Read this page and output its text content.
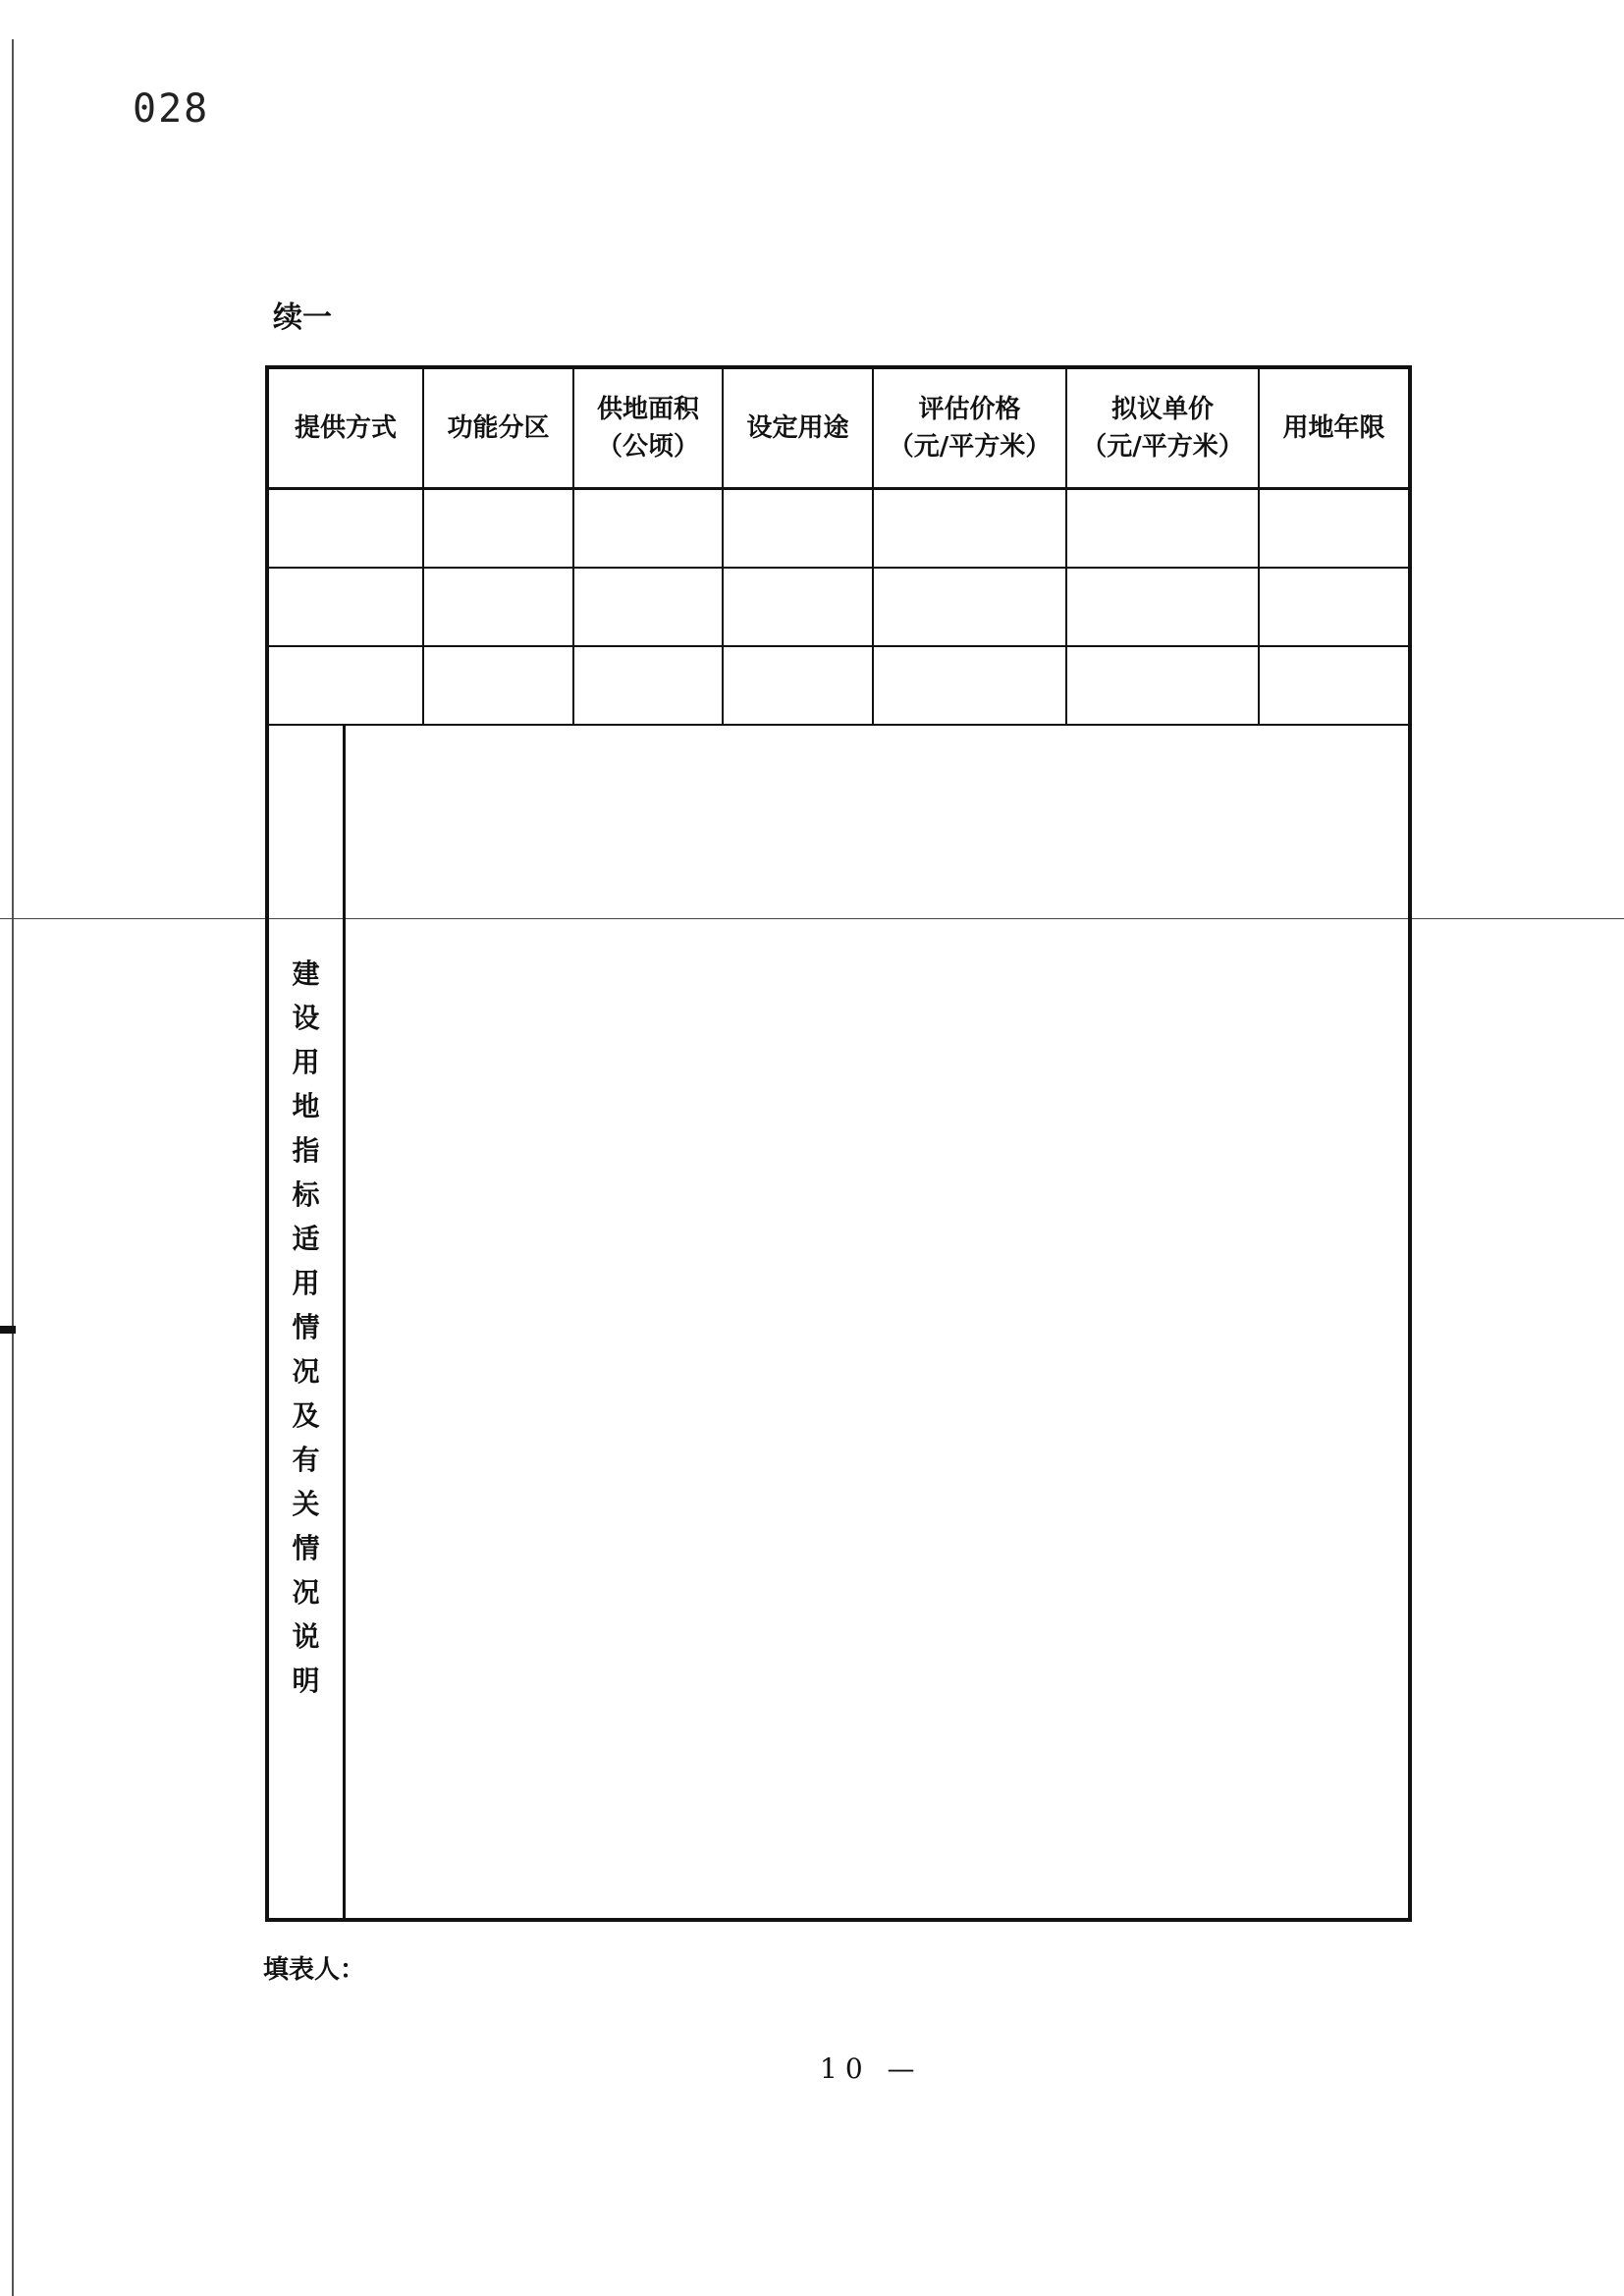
028
续一
提供方式	功能分区
供地面积
（公顷）
设定用途
评估价格
（元/平方米）
拟议单价
（元/平方米）
用地年限
建
设
用
地
指
标
适
用
情
况
及
有
关
情
况
说
明
填表人：
10 —
